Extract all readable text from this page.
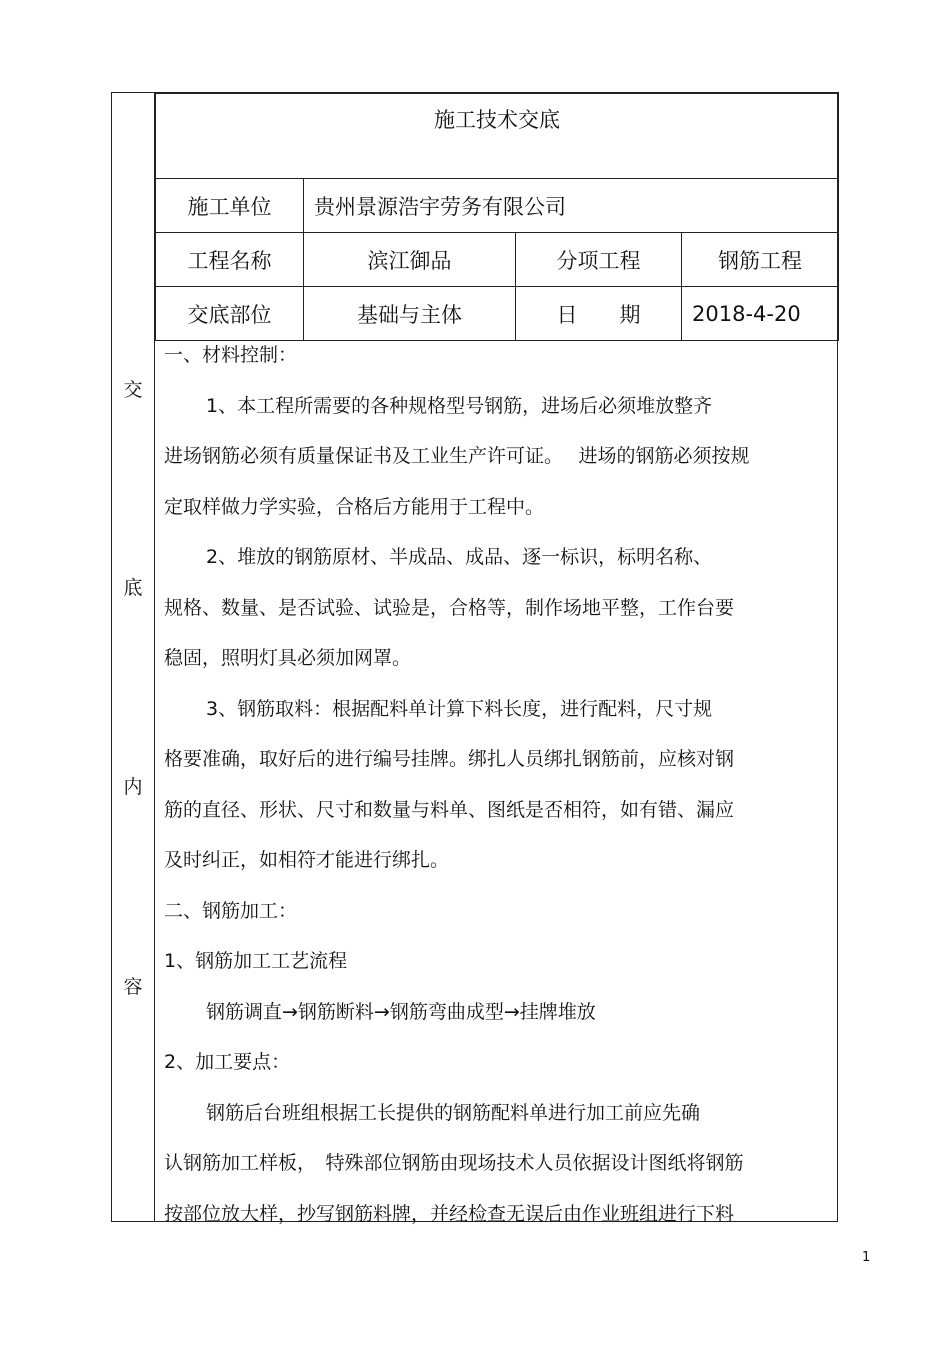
交
底
内
容
施工技术交底			
施工单位	贵州景源浩宇劳务有限公司		
工程名称	滨江御品	分项工程	钢筋工程
交底部位	基础与主体	日　　期	2018-4-20

一、材料控制：

1、本工程所需要的各种规格型号钢筋，进场后必须堆放整齐

进场钢筋必须有质量保证书及工业生产许可证。　 进场的钢筋必须按规

定取样做力学实验，合格后方能用于工程中。

2、堆放的钢筋原材、半成品、成品、逐一标识，标明名称、

规格、数量、是否试验、试验是，合格等，制作场地平整，工作台要

稳固，照明灯具必须加网罩。

3、钢筋取料：根据配料单计算下料长度，进行配料，尺寸规

格要准确，取好后的进行编号挂牌。绑扎人员绑扎钢筋前，应核对钢

筋的直径、形状、尺寸和数量与料单、图纸是否相符，如有错、漏应

及时纠正，如相符才能进行绑扎。

二、钢筋加工：

1、钢筋加工工艺流程

钢筋调直→钢筋断料→钢筋弯曲成型→挂牌堆放

2、加工要点：

钢筋后台班组根据工长提供的钢筋配料单进行加工前应先确

认钢筋加工样板，　特殊部位钢筋由现场技术人员依据设计图纸将钢筋

按部位放大样，抄写钢筋料牌，并经检查无误后由作业班组进行下料

1
